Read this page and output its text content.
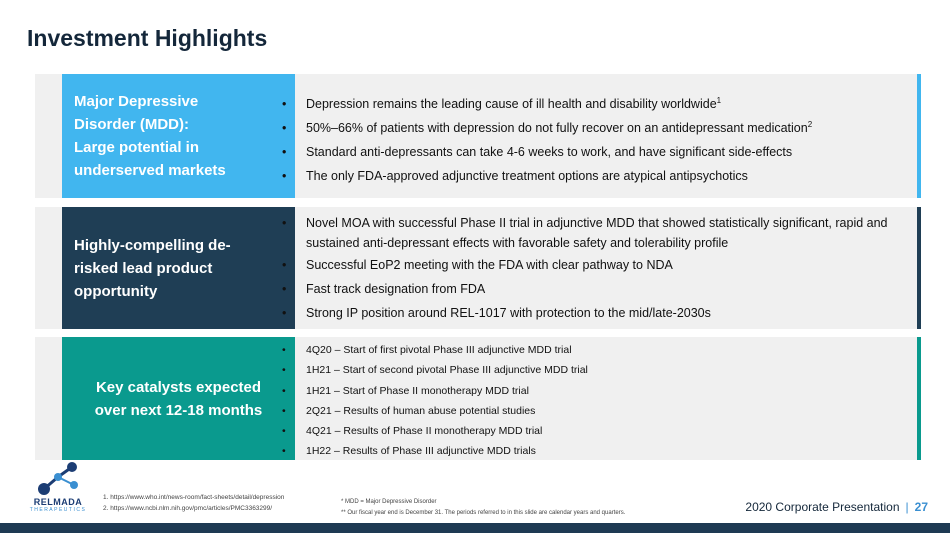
Investment Highlights
Major Depressive
Disorder (MDD):
Large potential in
underserved markets
• Depression remains the leading cause of ill health and disability worldwide$^1$
• 50%–66% of patients with depression do not fully recover on an antidepressant medication$^2$
• Standard anti-depressants can take 4-6 weeks to work, and have significant side-effects
• The only FDA-approved adjunctive treatment options are atypical antipsychotics
Highly-compelling de-
risked lead product
opportunity
• Novel MOA with successful Phase II trial in adjunctive MDD that showed statistically significant, rapid and sustained anti-depressant effects with favorable safety and tolerability profile
• Successful EoP2 meeting with the FDA with clear pathway to NDA
• Fast track designation from FDA
• Strong IP position around REL-1017 with protection to the mid/late-2030s
Key catalysts expected
over next 12-18 months
• 4Q20 – Start of first pivotal Phase III adjunctive MDD trial
• 1H21 – Start of second pivotal Phase III adjunctive MDD trial
• 1H21 – Start of Phase II monotherapy MDD trial
• 2Q21 – Results of human abuse potential studies
• 4Q21 – Results of Phase II monotherapy MDD trial
• 1H22 – Results of Phase III adjunctive MDD trials
RELMADA
THERAPEUTICS
1. https://www.who.int/news-room/fact-sheets/detail/depression
2. https://www.ncbi.nlm.nih.gov/pmc/articles/PMC3363299/
* MDD = Major Depressive Disorder
** Our fiscal year end is December 31. The periods referred to in this slide are calendar years and quarters.	2020 Corporate Presentation | 27
